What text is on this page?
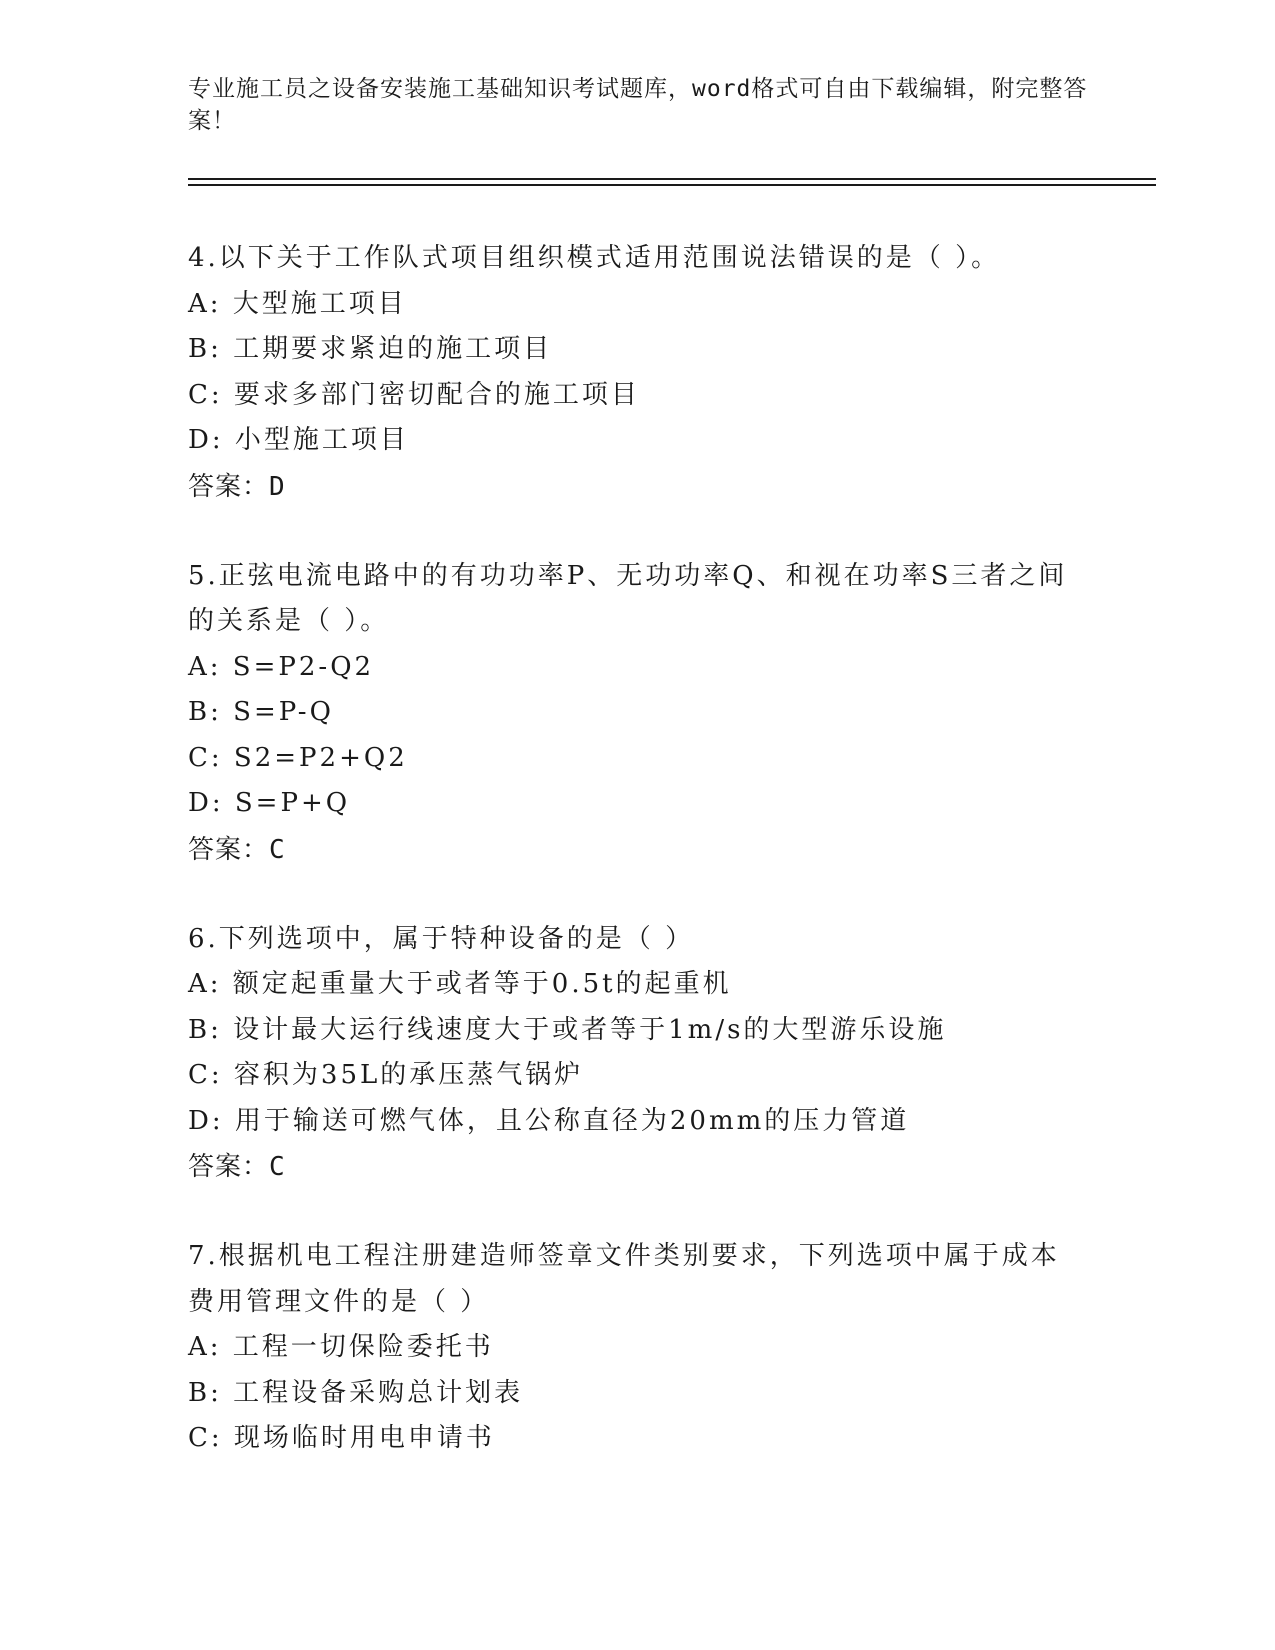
专业施工员之设备安装施工基础知识考试题库，word格式可自由下载编辑，附完整答案！
4.以下关于工作队式项目组织模式适用范围说法错误的是（ ）。
A: 大型施工项目
B: 工期要求紧迫的施工项目
C: 要求多部门密切配合的施工项目
D: 小型施工项目
答案：D
5.正弦电流电路中的有功功率P、无功功率Q、和视在功率S三者之间的关系是（ ）。
A: S=P2-Q2
B: S=P-Q
C: S2=P2+Q2
D: S=P+Q
答案：C
6.下列选项中，属于特种设备的是（ ）
A: 额定起重量大于或者等于0.5t的起重机
B: 设计最大运行线速度大于或者等于1m/s的大型游乐设施
C: 容积为35L的承压蒸气锅炉
D: 用于输送可燃气体，且公称直径为20mm的压力管道
答案：C
7.根据机电工程注册建造师签章文件类别要求，下列选项中属于成本费用管理文件的是（ ）
A: 工程一切保险委托书
B: 工程设备采购总计划表
C: 现场临时用电申请书
